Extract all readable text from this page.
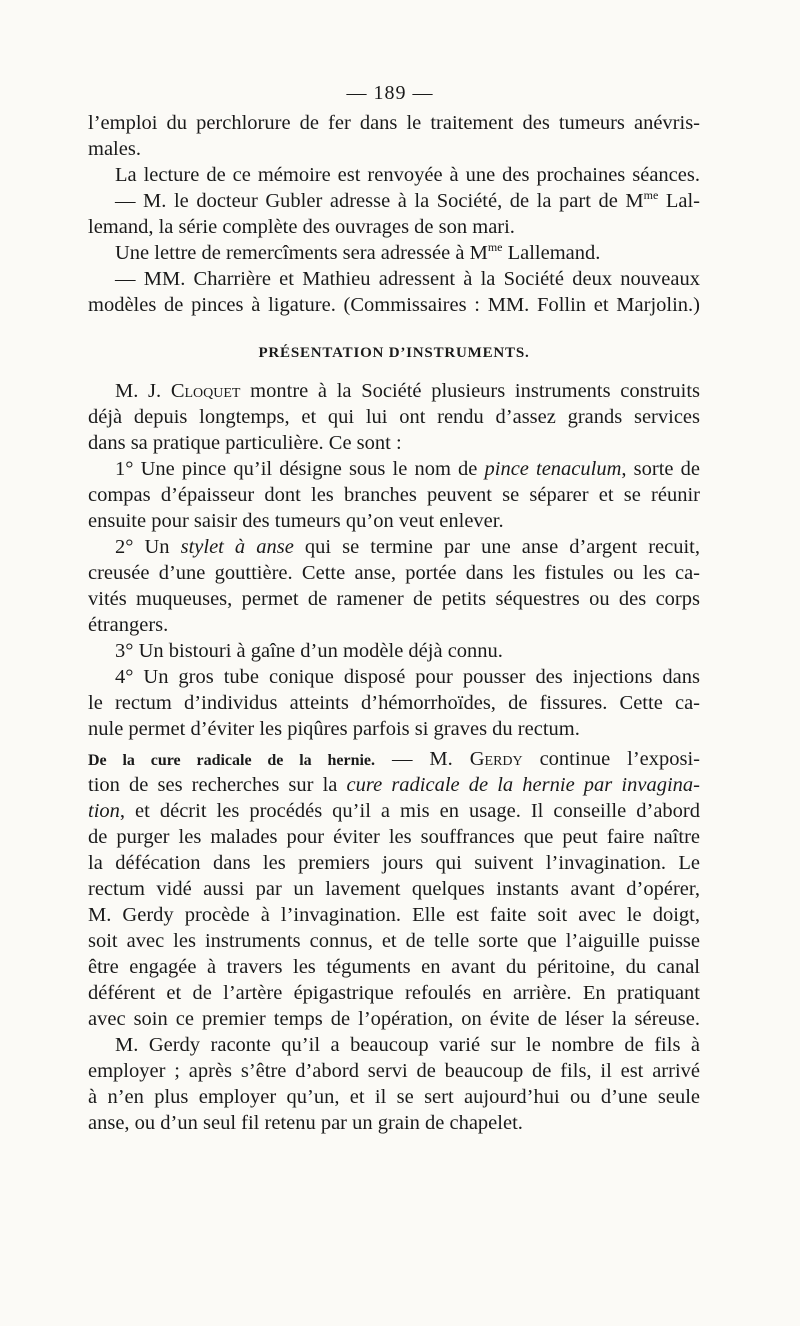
— 189 —
l’emploi du perchlorure de fer dans le traitement des tumeurs anévris-
males.
La lecture de ce mémoire est renvoyée à une des prochaines séances.
— M. le docteur Gubler adresse à la Société, de la part de $M^{me}$ Lal-
lemand, la série complète des ouvrages de son mari.
Une lettre de remercîments sera adressée à $M^{me}$ Lallemand.
— MM. Charrière et Mathieu adressent à la Société deux nouveaux
modèles de pinces à ligature. (Commissaires : MM. Follin et Marjolin.)
PRÉSENTATION D’INSTRUMENTS.
M. J. Cloquet montre à la Société plusieurs instruments construits
déjà depuis longtemps, et qui lui ont rendu d’assez grands services
dans sa pratique particulière. Ce sont :
1° Une pince qu’il désigne sous le nom de pince tenaculum, sorte de
compas d’épaisseur dont les branches peuvent se séparer et se réunir
ensuite pour saisir des tumeurs qu’on veut enlever.
2° Un stylet à anse qui se termine par une anse d’argent recuit,
creusée d’une gouttière. Cette anse, portée dans les fistules ou les ca-
vités muqueuses, permet de ramener de petits séquestres ou des corps
étrangers.
3° Un bistouri à gaîne d’un modèle déjà connu.
4° Un gros tube conique disposé pour pousser des injections dans
le rectum d’individus atteints d’hémorrhoïdes, de fissures. Cette ca-
nule permet d’éviter les piqûres parfois si graves du rectum.
De la cure radicale de la hernie. — M. Gerdy continue l’exposi-
tion de ses recherches sur la cure radicale de la hernie par invagina-
tion, et décrit les procédés qu’il a mis en usage. Il conseille d’abord
de purger les malades pour éviter les souffrances que peut faire naître
la défécation dans les premiers jours qui suivent l’invagination. Le
rectum vidé aussi par un lavement quelques instants avant d’opérer,
M. Gerdy procède à l’invagination. Elle est faite soit avec le doigt,
soit avec les instruments connus, et de telle sorte que l’aiguille puisse
être engagée à travers les téguments en avant du péritoine, du canal
déférent et de l’artère épigastrique refoulés en arrière. En pratiquant
avec soin ce premier temps de l’opération, on évite de léser la séreuse.
M. Gerdy raconte qu’il a beaucoup varié sur le nombre de fils à
employer ; après s’être d’abord servi de beaucoup de fils, il est arrivé
à n’en plus employer qu’un, et il se sert aujourd’hui ou d’une seule
anse, ou d’un seul fil retenu par un grain de chapelet.
